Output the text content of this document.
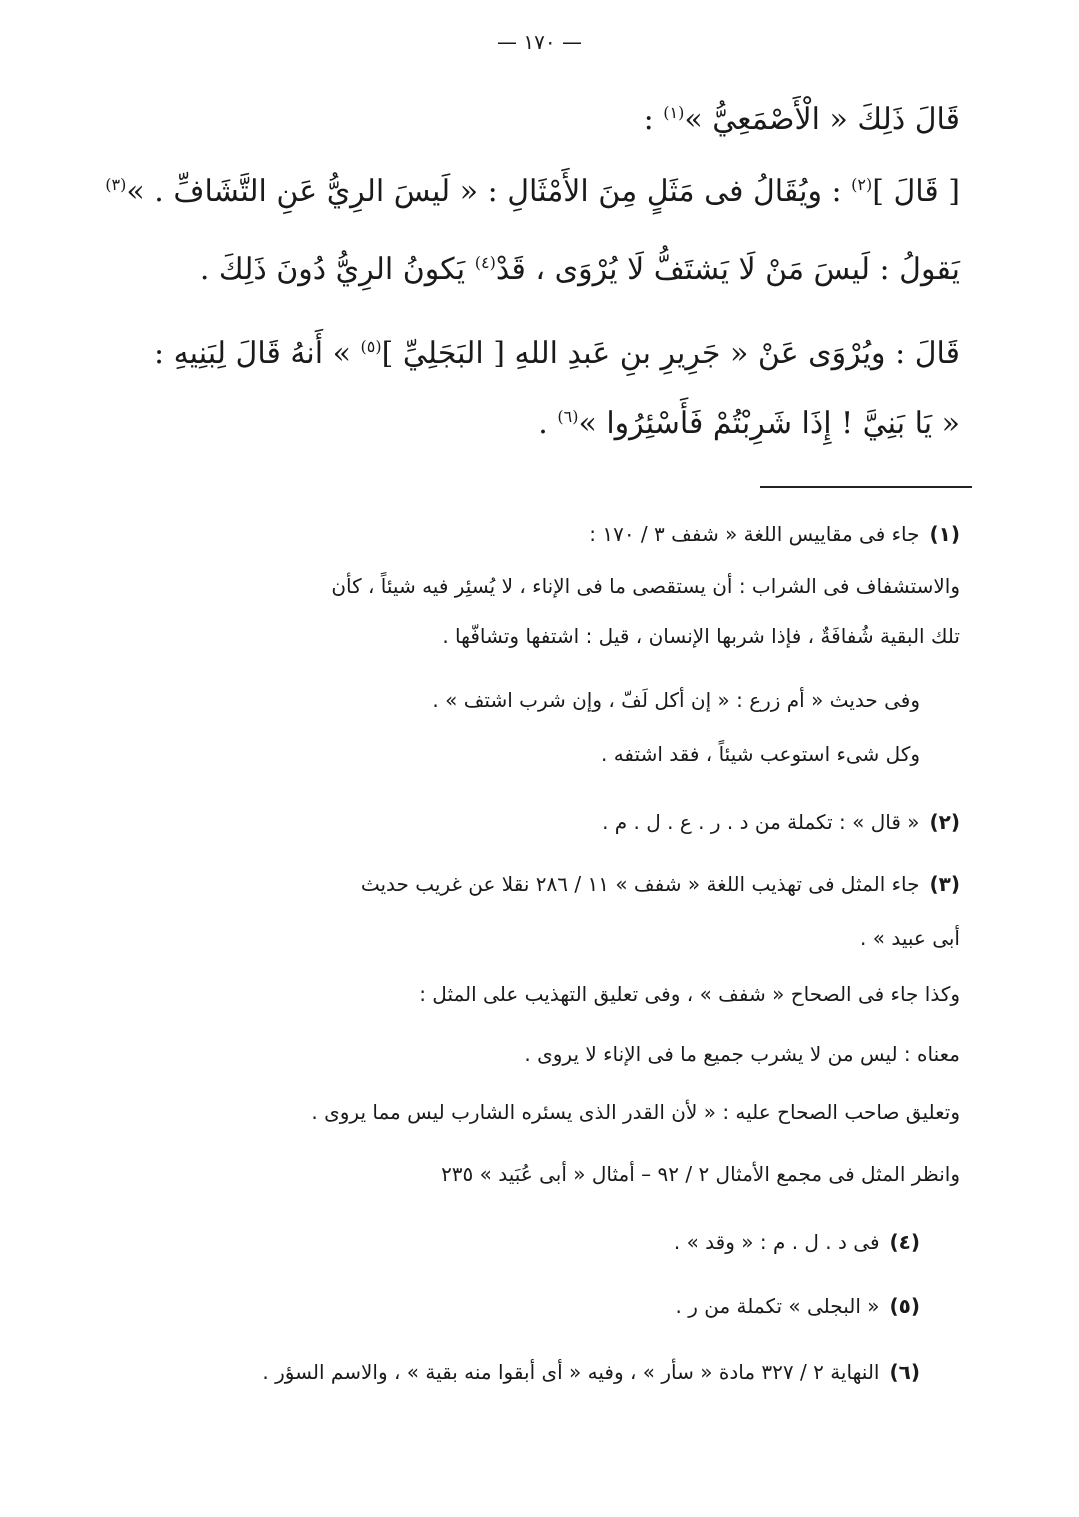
— ١٧٠ —
قَالَ ذَلِكَ « الْأَصْمَعِيُّ »$^{(١)}$ :
[ قَالَ ]$^{(٢)}$ : ويُقَالُ فى مَثَلٍ مِنَ الأَمْثَالِ : « لَيسَ الرِيُّ عَنِ التَّشَافِّ . »$^{(٣)}$
يَقولُ : لَيسَ مَنْ لَا يَشتَفُّ لَا يُرْوَى ، قَدْ$^{(٤)}$ يَكونُ الرِيُّ دُونَ ذَلِكَ .
قَالَ : ويُرْوَى عَنْ « جَرِيرِ بنِ عَبدِ اللهِ [ البَجَلِيِّ ]$^{(٥)}$ » أَنهُ قَالَ لِبَنِيهِ :
« يَا بَنِيَّ ! إِذَا شَرِبْتُمْ فَأَسْئِرُوا »$^{(٦)}$ .
(١)جاء فى مقاييس اللغة « شفف ٣ / ١٧٠ :
والاستشفاف فى الشراب : أن يستقصى ما فى الإناء ، لا يُسئِر فيه شيئاً ، كأن
تلك البقية شُفافَةٌ ، فإذا شربها الإنسان ، قيل : اشتفها وتشافّها .
وفى حديث « أم زرع : « إن أكل لَفّ ، وإن شرب اشتف » .
وكل شىء استوعب شيئاً ، فقد اشتفه .
(٢)« قال » : تكملة من د . ر . ع . ل . م .
(٣)جاء المثل فى تهذيب اللغة « شفف » ١١ / ٢٨٦ نقلا عن غريب حديث
أبى عبيد » .
وكذا جاء فى الصحاح « شفف » ، وفى تعليق التهذيب على المثل :
معناه : ليس من لا يشرب جميع ما فى الإناء لا يروى .
وتعليق صاحب الصحاح عليه : « لأن القدر الذى يسئره الشارب ليس مما يروى .
وانظر المثل فى مجمع الأمثال ٢ / ٩٢ – أمثال « أبى عُبَيد » ٢٣٥
(٤)فى د . ل . م : « وقد » .
(٥)« البجلى » تكملة من ر .
(٦)النهاية ٢ / ٣٢٧ مادة « سأر » ، وفيه « أى أبقوا منه بقية » ، والاسم السؤر .
